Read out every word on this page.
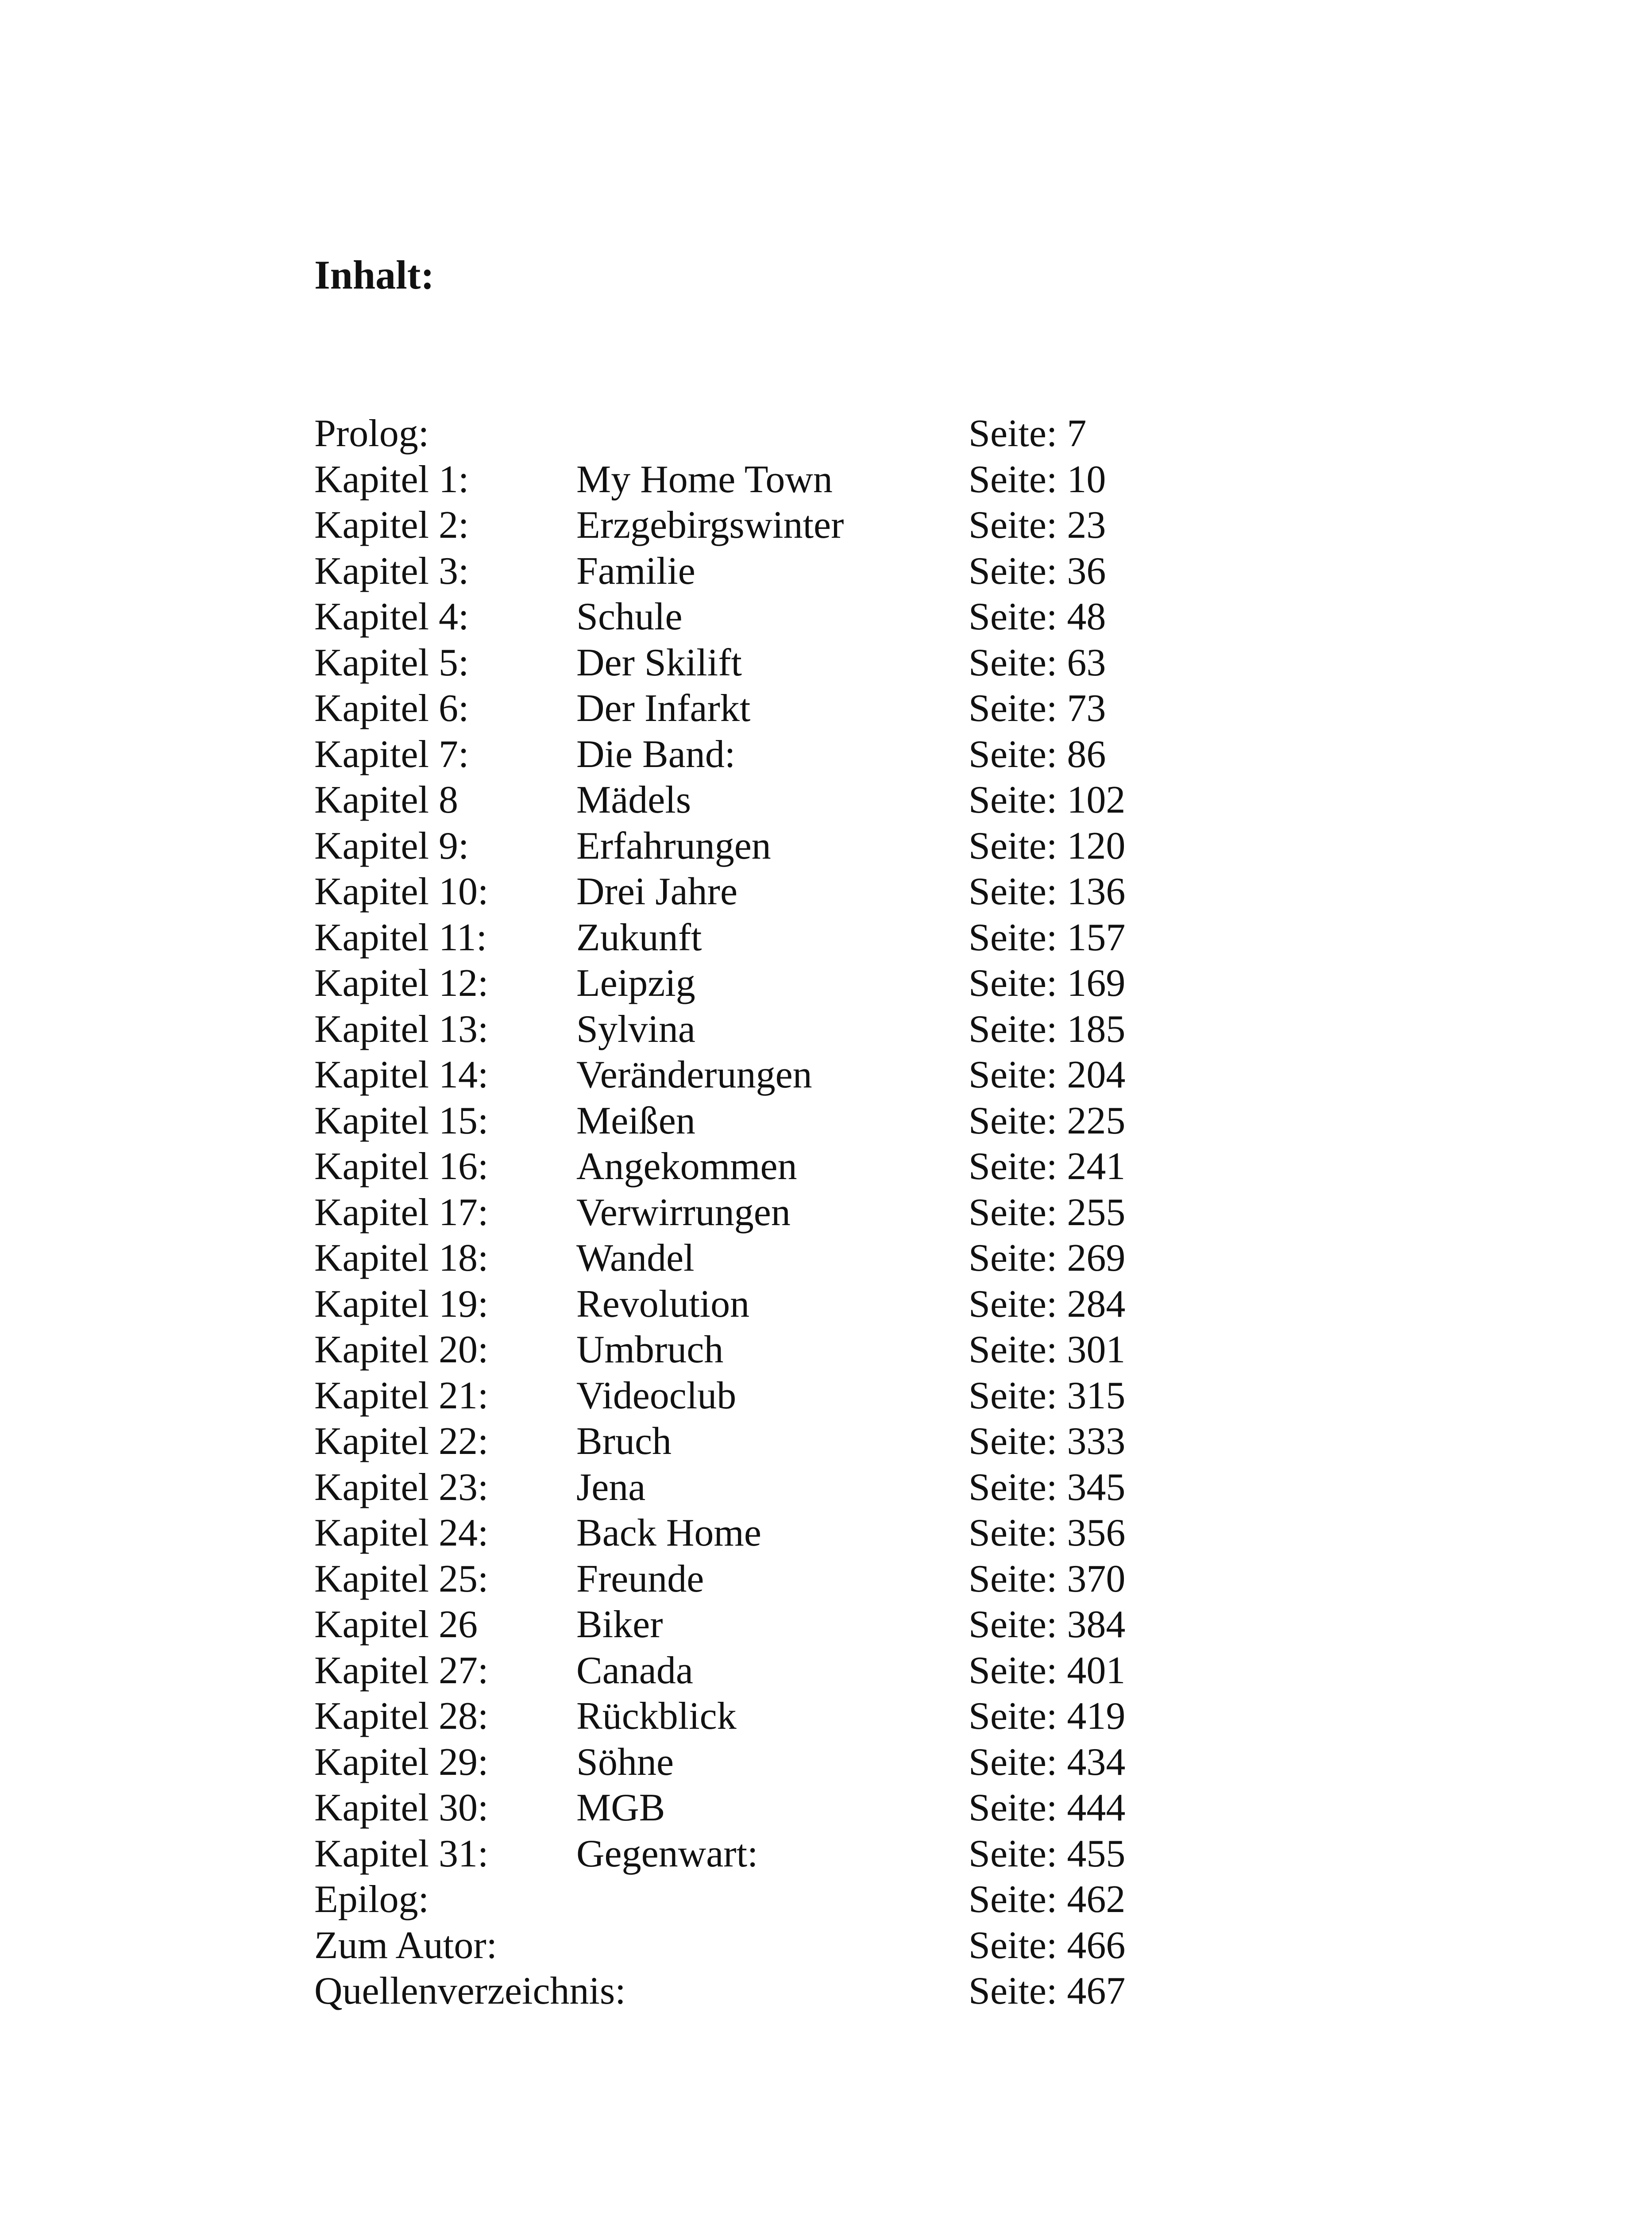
Inhalt:
Prolog:	Seite: 7
Kapitel 1:	My Home Town	Seite: 10
Kapitel 2:	Erzgebirgswinter	Seite: 23
Kapitel 3:	Familie	Seite: 36
Kapitel 4:	Schule	Seite: 48
Kapitel 5:	Der Skilift	Seite: 63
Kapitel 6:	Der Infarkt	Seite: 73
Kapitel 7:	Die Band:	Seite: 86
Kapitel 8	Mädels	Seite: 102
Kapitel 9:	Erfahrungen	Seite: 120
Kapitel 10: Drei Jahre	Seite: 136
Kapitel 11: Zukunft	Seite: 157
Kapitel 12: Leipzig	Seite: 169
Kapitel 13: Sylvina	Seite: 185
Kapitel 14: Veränderungen	Seite: 204
Kapitel 15: Meißen	Seite: 225
Kapitel 16: Angekommen	Seite: 241
Kapitel 17: Verwirrungen	Seite: 255
Kapitel 18: Wandel	Seite: 269
Kapitel 19: Revolution	Seite: 284
Kapitel 20: Umbruch	Seite: 301
Kapitel 21: Videoclub	Seite: 315
Kapitel 22: Bruch	Seite: 333
Kapitel 23: Jena	Seite: 345
Kapitel 24: Back Home	Seite: 356
Kapitel 25: Freunde	Seite: 370
Kapitel 26	Biker	Seite: 384
Kapitel 27: Canada	Seite: 401
Kapitel 28: Rückblick	Seite: 419
Kapitel 29: Söhne	Seite: 434
Kapitel 30: MGB	Seite: 444
Kapitel 31: Gegenwart:	Seite: 455
Epilog:	Seite: 462
Zum Autor:	Seite: 466
Quellenverzeichnis:	Seite: 467
